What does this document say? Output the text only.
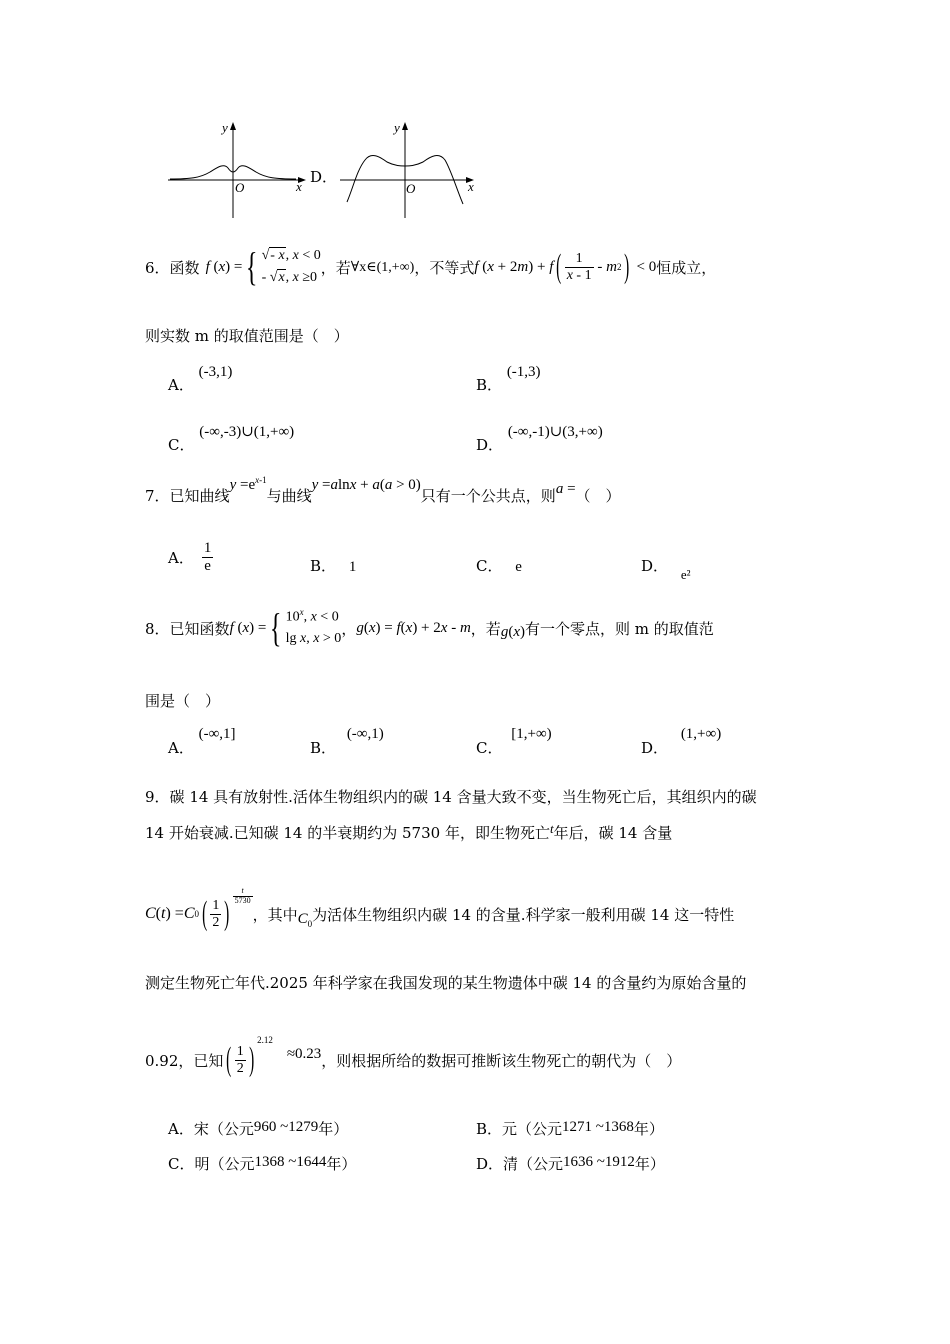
y
x
O
D．
y
x
O
6． 函数 f ( x ) = { √- x, x < 0
- √x, x ≥0
，若 ∀x∈(1,+∞) ，不等式 f ( x + 2 m ) + f ( $\frac{1}{x - 1}$ - m 2 ) < 0 恒成立，
则实数 m 的取值范围是（　）
A． (-3,1)
B． (-1,3)
C． (-∞,-3)∪(1,+∞)
D． (-∞,-1)∪(3,+∞)
7．已知曲线$y =e^{x-1}$与曲线y =alnx + a(a > 0)只有一个公共点，则a =（　）
A． $\frac{1}{e}$	B． 1	C． e	D． e²
8． 已知函数 f ( x ) = { 10$^x$, x < 0
lg x, x > 0
， g(x) = f(x) + 2x - m ，若 g(x) 有一个零点，则 m 的取值范
围是（　）
A． (-∞,1]
B． (-∞,1)
C． [1,+∞)
D． (1,+∞)
9．碳 14 具有放射性.活体生物组织内的碳 14 含量大致不变，当生物死亡后，其组织内的碳
14 开始衰减.已知碳 14 的半衰期约为 5730 年，即生物死亡t年后，碳 14 含量
C ( t ) = C 0 ( $\frac{1}{2}$ ) $\frac{t}{5730}$
，其中 $C_0$
为活体生物组织内碳 14 的含量.科学家一般利用碳 14 这一特性
测定生物死亡年代.2025 年科学家在我国发现的某生物遗体中碳 14 的含量约为原始含量的
0.92，已知 ( $\frac{1}{2}$ )
2.12
≈0.23 ，则根据所给的数据可推断该生物死亡的朝代为（　）
A．宋（公元960 ~1279年）	B．元（公元1271 ~1368年）
C．明（公元1368 ~1644年）	D．清（公元1636 ~1912年）
